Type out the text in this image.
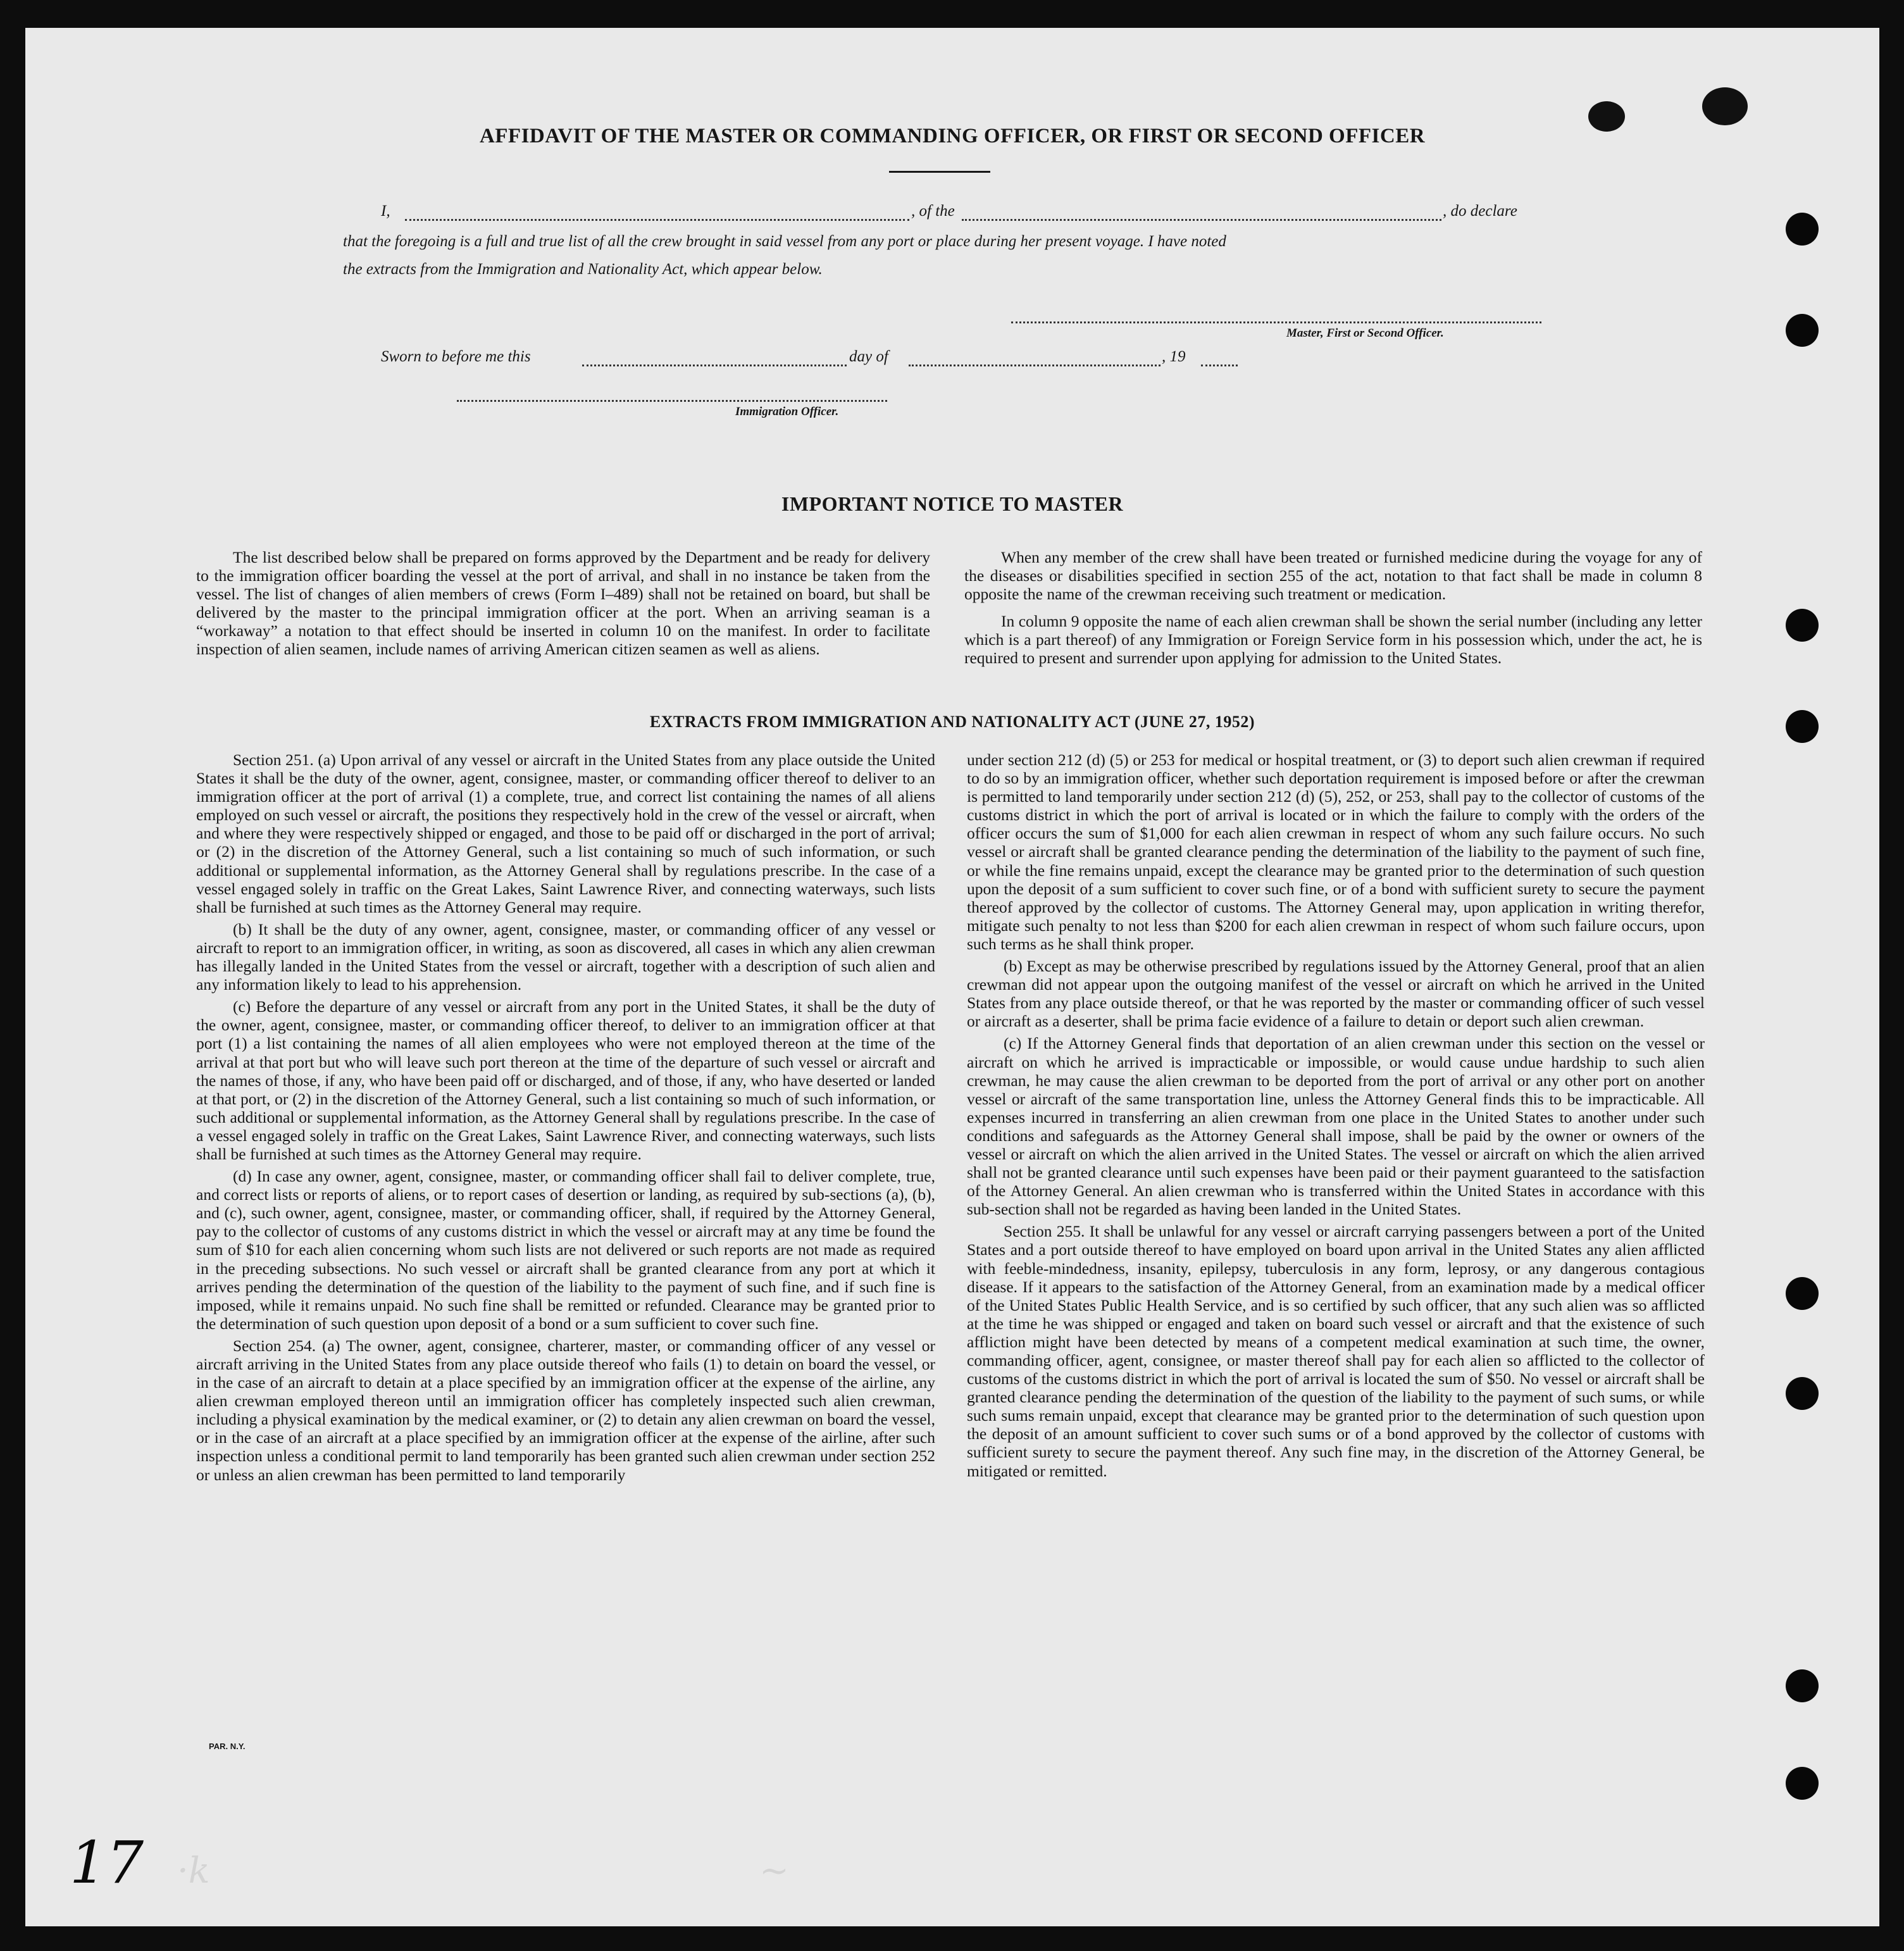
AFFIDAVIT OF THE MASTER OR COMMANDING OFFICER, OR FIRST OR SECOND OFFICER
I,	, of the	, do declare
that the foregoing is a full and true list of all the crew brought in said vessel from any port or place during her present voyage. I have noted
the extracts from the Immigration and Nationality Act, which appear below.
Master, First or Second Officer.
Sworn to before me this	day of	, 19
Immigration Officer.
IMPORTANT NOTICE TO MASTER

The list described below shall be prepared on forms approved by the Department and be ready for delivery to the immigration officer boarding the vessel at the port of arrival, and shall in no instance be taken from the vessel. The list of changes of alien members of crews (Form I–489) shall not be retained on board, but shall be delivered by the master to the principal immigration officer at the port. When an arriving seaman is a “workaway” a notation to that effect should be inserted in column 10 on the manifest. In order to facilitate inspection of alien seamen, include names of arriving American citizen seamen as well as aliens.

When any member of the crew shall have been treated or furnished medicine during the voyage for any of the diseases or disabilities specified in section 255 of the act, notation to that fact shall be made in column 8 opposite the name of the crewman receiving such treatment or medication.

In column 9 opposite the name of each alien crewman shall be shown the serial number (including any letter which is a part thereof) of any Immigration or Foreign Service form in his possession which, under the act, he is required to present and surrender upon applying for admission to the United States.

EXTRACTS FROM IMMIGRATION AND NATIONALITY ACT (JUNE 27, 1952)

Section 251. (a) Upon arrival of any vessel or aircraft in the United States from any place outside the United States it shall be the duty of the owner, agent, consignee, master, or commanding officer thereof to deliver to an immigration officer at the port of arrival (1) a complete, true, and correct list containing the names of all aliens employed on such vessel or aircraft, the positions they respectively hold in the crew of the vessel or aircraft, when and where they were respectively shipped or engaged, and those to be paid off or discharged in the port of arrival; or (2) in the discretion of the Attorney General, such a list containing so much of such information, or such additional or supplemental information, as the Attorney General shall by regulations prescribe. In the case of a vessel engaged solely in traffic on the Great Lakes, Saint Lawrence River, and connecting waterways, such lists shall be furnished at such times as the Attorney General may require.

(b) It shall be the duty of any owner, agent, consignee, master, or commanding officer of any vessel or aircraft to report to an immigration officer, in writing, as soon as discovered, all cases in which any alien crewman has illegally landed in the United States from the vessel or aircraft, together with a description of such alien and any information likely to lead to his apprehension.

(c) Before the departure of any vessel or aircraft from any port in the United States, it shall be the duty of the owner, agent, consignee, master, or commanding officer thereof, to deliver to an immigration officer at that port (1) a list containing the names of all alien employees who were not employed thereon at the time of the arrival at that port but who will leave such port thereon at the time of the departure of such vessel or aircraft and the names of those, if any, who have been paid off or discharged, and of those, if any, who have deserted or landed at that port, or (2) in the discretion of the Attorney General, such a list containing so much of such information, or such additional or supplemental information, as the Attorney General shall by regulations prescribe. In the case of a vessel engaged solely in traffic on the Great Lakes, Saint Lawrence River, and connecting waterways, such lists shall be furnished at such times as the Attorney General may require.

(d) In case any owner, agent, consignee, master, or commanding officer shall fail to deliver complete, true, and correct lists or reports of aliens, or to report cases of desertion or landing, as required by sub-sections (a), (b), and (c), such owner, agent, consignee, master, or commanding officer, shall, if required by the Attorney General, pay to the collector of customs of any customs district in which the vessel or aircraft may at any time be found the sum of $10 for each alien concerning whom such lists are not delivered or such reports are not made as required in the preceding subsections. No such vessel or aircraft shall be granted clearance from any port at which it arrives pending the determination of the question of the liability to the payment of such fine, and if such fine is imposed, while it remains unpaid. No such fine shall be remitted or refunded. Clearance may be granted prior to the determination of such question upon deposit of a bond or a sum sufficient to cover such fine.

Section 254. (a) The owner, agent, consignee, charterer, master, or commanding officer of any vessel or aircraft arriving in the United States from any place outside thereof who fails (1) to detain on board the vessel, or in the case of an aircraft to detain at a place specified by an immigration officer at the expense of the airline, any alien crewman employed thereon until an immigration officer has completely inspected such alien crewman, including a physical examination by the medical examiner, or (2) to detain any alien crewman on board the vessel, or in the case of an aircraft at a place specified by an immigration officer at the expense of the airline, after such inspection unless a conditional permit to land temporarily has been granted such alien crewman under section 252 or unless an alien crewman has been permitted to land temporarily

under section 212 (d) (5) or 253 for medical or hospital treatment, or (3) to deport such alien crewman if required to do so by an immigration officer, whether such deportation requirement is imposed before or after the crewman is permitted to land temporarily under section 212 (d) (5), 252, or 253, shall pay to the collector of customs of the customs district in which the port of arrival is located or in which the failure to comply with the orders of the officer occurs the sum of $1,000 for each alien crewman in respect of whom any such failure occurs. No such vessel or aircraft shall be granted clearance pending the determination of the liability to the payment of such fine, or while the fine remains unpaid, except the clearance may be granted prior to the determination of such question upon the deposit of a sum sufficient to cover such fine, or of a bond with sufficient surety to secure the payment thereof approved by the collector of customs. The Attorney General may, upon application in writing therefor, mitigate such penalty to not less than $200 for each alien crewman in respect of whom such failure occurs, upon such terms as he shall think proper.

(b) Except as may be otherwise prescribed by regulations issued by the Attorney General, proof that an alien crewman did not appear upon the outgoing manifest of the vessel or aircraft on which he arrived in the United States from any place outside thereof, or that he was reported by the master or commanding officer of such vessel or aircraft as a deserter, shall be prima facie evidence of a failure to detain or deport such alien crewman.

(c) If the Attorney General finds that deportation of an alien crewman under this section on the vessel or aircraft on which he arrived is impracticable or impossible, or would cause undue hardship to such alien crewman, he may cause the alien crewman to be deported from the port of arrival or any other port on another vessel or aircraft of the same transportation line, unless the Attorney General finds this to be impracticable. All expenses incurred in transferring an alien crewman from one place in the United States to another under such conditions and safeguards as the Attorney General shall impose, shall be paid by the owner or owners of the vessel or aircraft on which the alien arrived in the United States. The vessel or aircraft on which the alien arrived shall not be granted clearance until such expenses have been paid or their payment guaranteed to the satisfaction of the Attorney General. An alien crewman who is transferred within the United States in accordance with this sub-section shall not be regarded as having been landed in the United States.

Section 255. It shall be unlawful for any vessel or aircraft carrying passengers between a port of the United States and a port outside thereof to have employed on board upon arrival in the United States any alien afflicted with feeble-mindedness, insanity, epilepsy, tuberculosis in any form, leprosy, or any dangerous contagious disease. If it appears to the satisfaction of the Attorney General, from an examination made by a medical officer of the United States Public Health Service, and is so certified by such officer, that any such alien was so afflicted at the time he was shipped or engaged and taken on board such vessel or aircraft and that the existence of such affliction might have been detected by means of a competent medical examination at such time, the owner, commanding officer, agent, consignee, or master thereof shall pay for each alien so afflicted to the collector of customs of the customs district in which the port of arrival is located the sum of $50. No vessel or aircraft shall be granted clearance pending the determination of the question of the liability to the payment of such sums, or while such sums remain unpaid, except that clearance may be granted prior to the determination of such question upon the deposit of an amount sufficient to cover such sums or of a bond approved by the collector of customs with sufficient surety to secure the payment thereof. Any such fine may, in the discretion of the Attorney General, be mitigated or remitted.

PAR. N.Y.
·k	~
17
